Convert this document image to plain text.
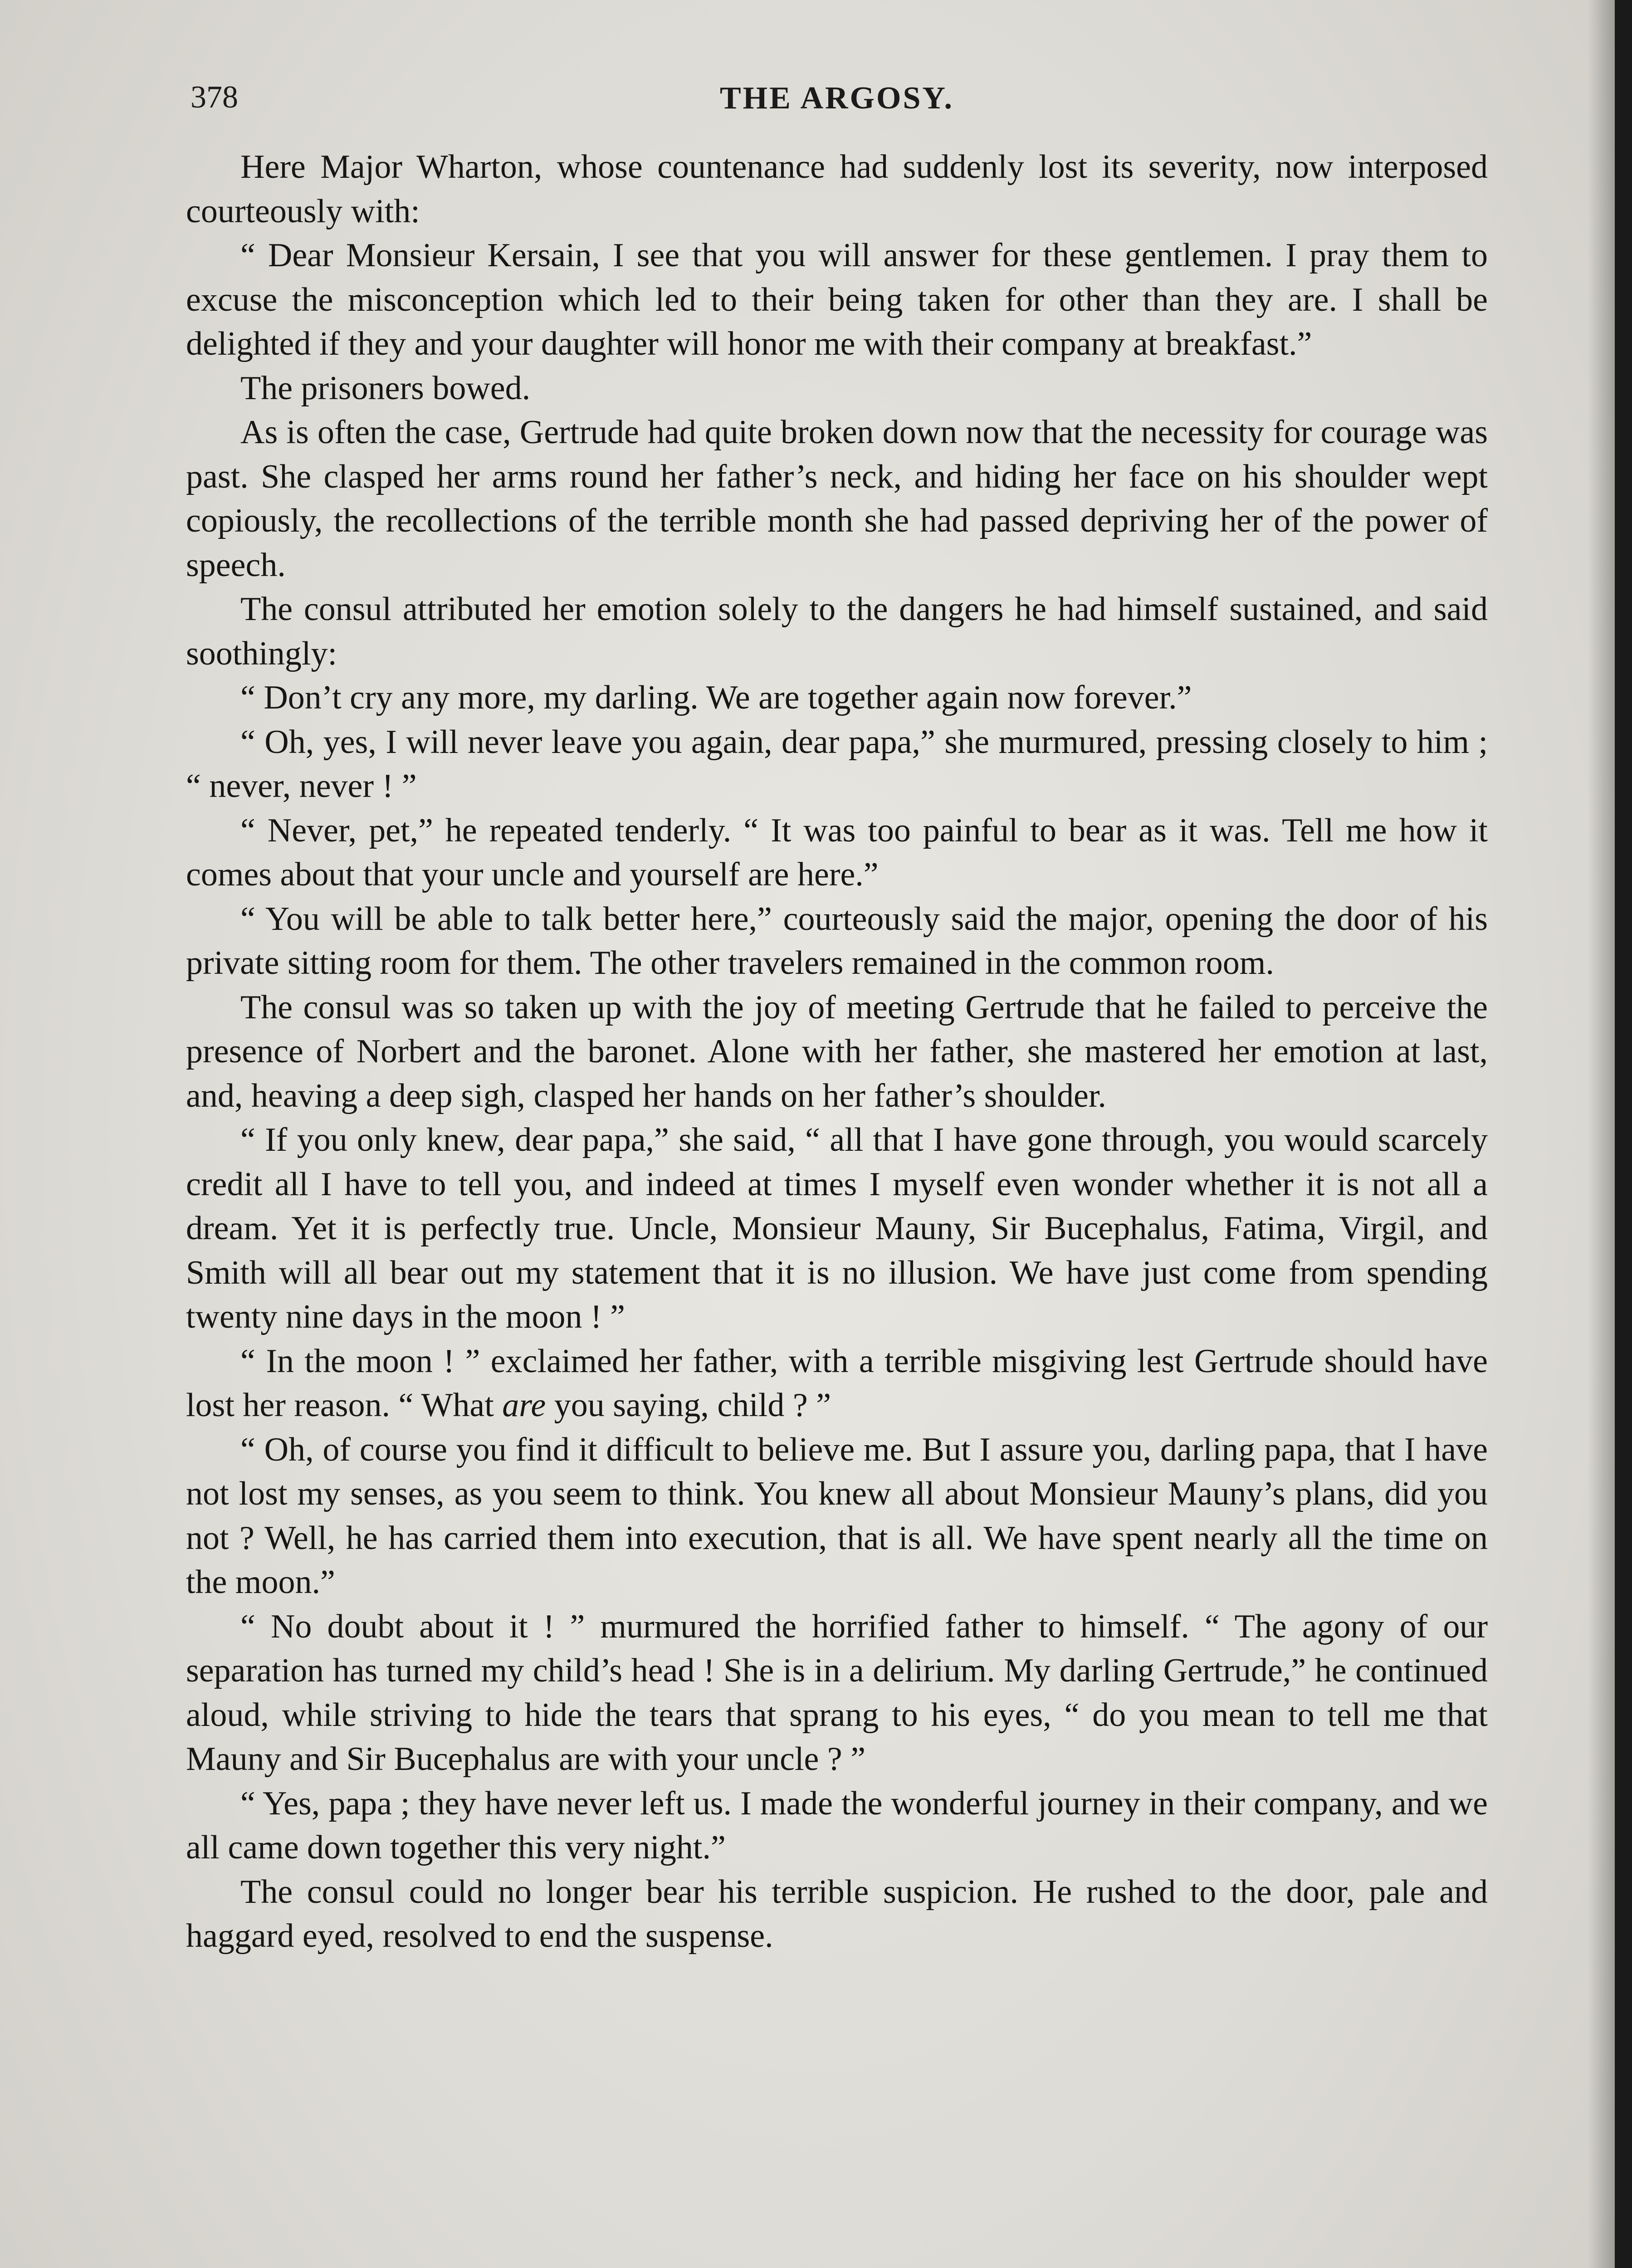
378	THE ARGOSY.

Here Major Wharton, whose countenance had suddenly lost its severity, now interposed courteously with:

“ Dear Monsieur Kersain, I see that you will answer for these gentlemen. I pray them to excuse the misconception which led to their being taken for other than they are. I shall be delighted if they and your daughter will honor me with their company at breakfast.”

The prisoners bowed.

As is often the case, Gertrude had quite broken down now that the necessity for courage was past. She clasped her arms round her father’s neck, and hiding her face on his shoulder wept copiously, the recollections of the terrible month she had passed depriving her of the power of speech.

The consul attributed her emotion solely to the dangers he had himself sustained, and said soothingly:

“ Don’t cry any more, my darling. We are together again now forever.”

“ Oh, yes, I will never leave you again, dear papa,” she murmured, pressing closely to him ; “ never, never ! ”

“ Never, pet,” he repeated tenderly. “ It was too painful to bear as it was. Tell me how it comes about that your uncle and yourself are here.”

“ You will be able to talk better here,” courteously said the major, opening the door of his private sitting room for them. The other travelers remained in the common room.

The consul was so taken up with the joy of meeting Gertrude that he failed to perceive the presence of Norbert and the baronet. Alone with her father, she mastered her emotion at last, and, heaving a deep sigh, clasped her hands on her father’s shoulder.

“ If you only knew, dear papa,” she said, “ all that I have gone through, you would scarcely credit all I have to tell you, and indeed at times I myself even wonder whether it is not all a dream. Yet it is perfectly true. Uncle, Monsieur Mauny, Sir Bucephalus, Fatima, Virgil, and Smith will all bear out my statement that it is no illusion. We have just come from spending twenty nine days in the moon ! ”

“ In the moon ! ” exclaimed her father, with a terrible misgiving lest Gertrude should have lost her reason. “ What are you saying, child ? ”

“ Oh, of course you find it difficult to believe me. But I assure you, darling papa, that I have not lost my senses, as you seem to think. You knew all about Monsieur Mauny’s plans, did you not ? Well, he has carried them into execution, that is all. We have spent nearly all the time on the moon.”

“ No doubt about it ! ” murmured the horrified father to himself. “ The agony of our separation has turned my child’s head ! She is in a delirium. My darling Gertrude,” he continued aloud, while striving to hide the tears that sprang to his eyes, “ do you mean to tell me that Mauny and Sir Bucephalus are with your uncle ? ”

“ Yes, papa ; they have never left us. I made the wonderful journey in their company, and we all came down together this very night.”

The consul could no longer bear his terrible suspicion. He rushed to the door, pale and haggard eyed, resolved to end the suspense.
